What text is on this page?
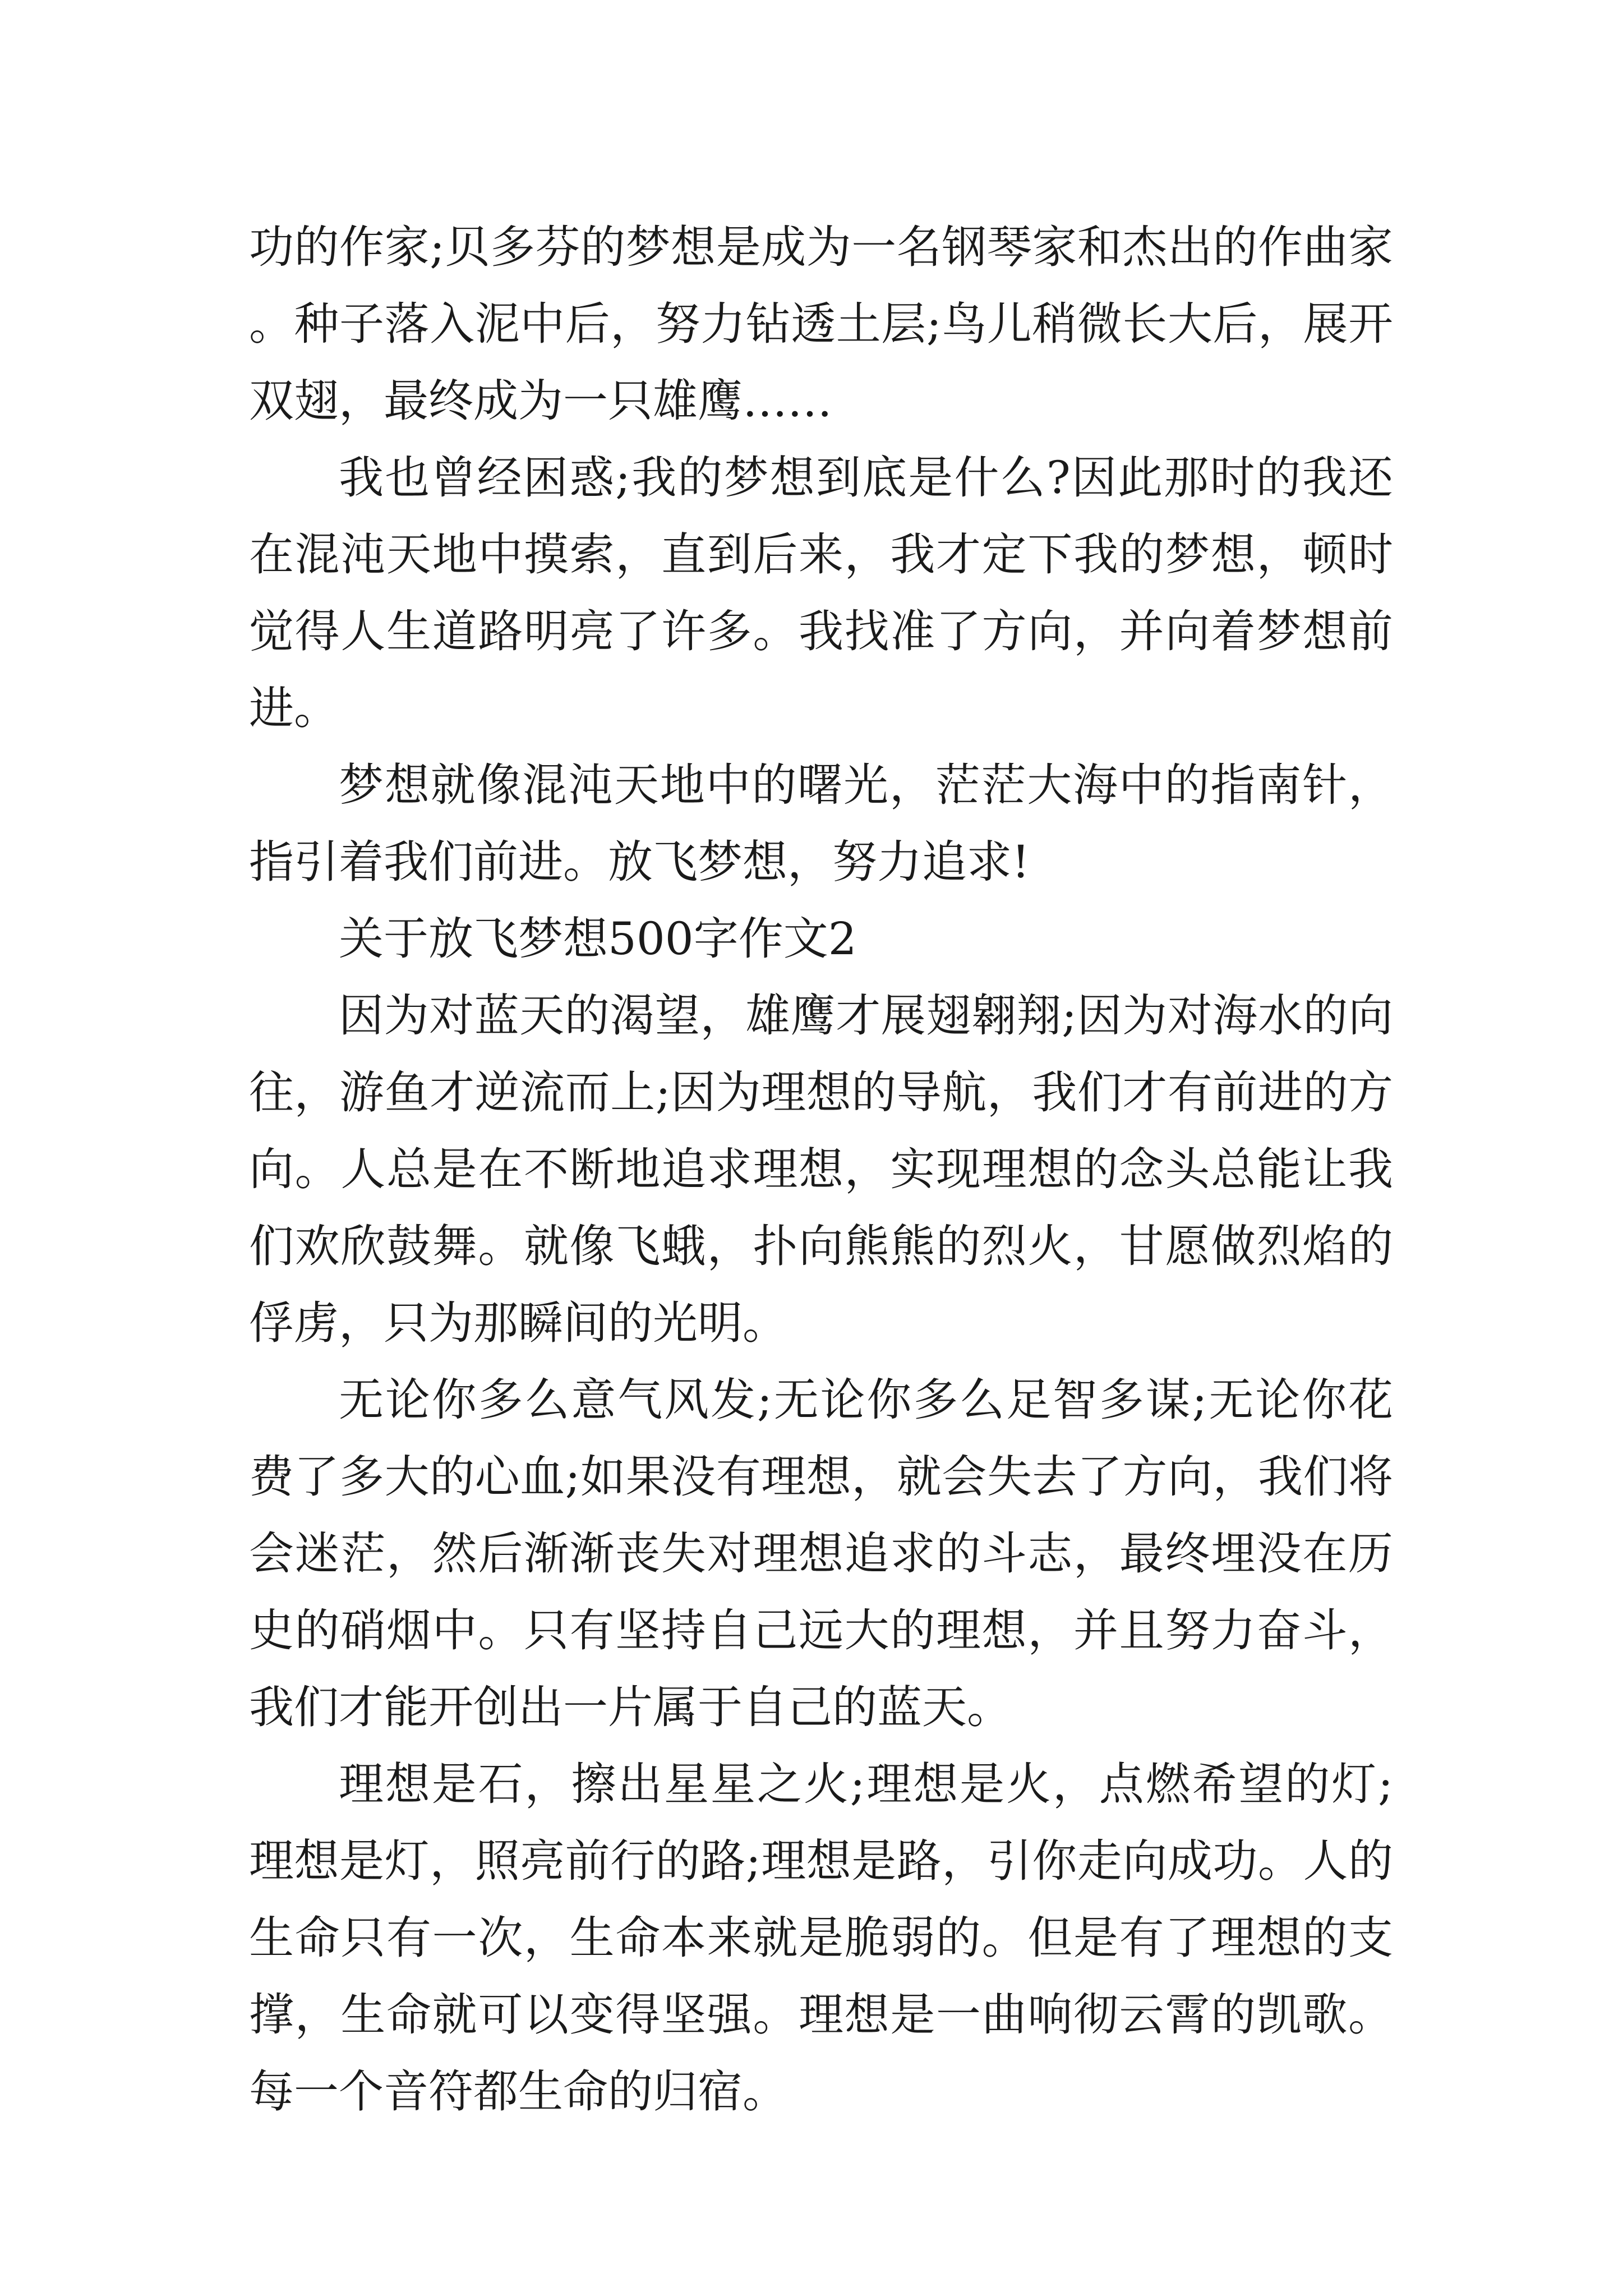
功的作家;贝多芬的梦想是成为一名钢琴家和杰出的作曲家。种子落入泥中后，努力钻透土层;鸟儿稍微长大后，展开双翅，最终成为一只雄鹰……

我也曾经困惑;我的梦想到底是什么?因此那时的我还在混沌天地中摸索，直到后来，我才定下我的梦想，顿时觉得人生道路明亮了许多。我找准了方向，并向着梦想前进。

梦想就像混沌天地中的曙光，茫茫大海中的指南针，指引着我们前进。放飞梦想，努力追求!

关于放飞梦想500字作文2

因为对蓝天的渴望，雄鹰才展翅翱翔;因为对海水的向往，游鱼才逆流而上;因为理想的导航，我们才有前进的方向。人总是在不断地追求理想，实现理想的念头总能让我们欢欣鼓舞。就像飞蛾，扑向熊熊的烈火，甘愿做烈焰的俘虏，只为那瞬间的光明。

无论你多么意气风发;无论你多么足智多谋;无论你花费了多大的心血;如果没有理想，就会失去了方向，我们将会迷茫，然后渐渐丧失对理想追求的斗志，最终埋没在历史的硝烟中。只有坚持自己远大的理想，并且努力奋斗，我们才能开创出一片属于自己的蓝天。

理想是石，擦出星星之火;理想是火，点燃希望的灯;理想是灯，照亮前行的路;理想是路，引你走向成功。人的生命只有一次，生命本来就是脆弱的。但是有了理想的支撑，生命就可以变得坚强。理想是一曲响彻云霄的凯歌。每一个音符都生命的归宿。
